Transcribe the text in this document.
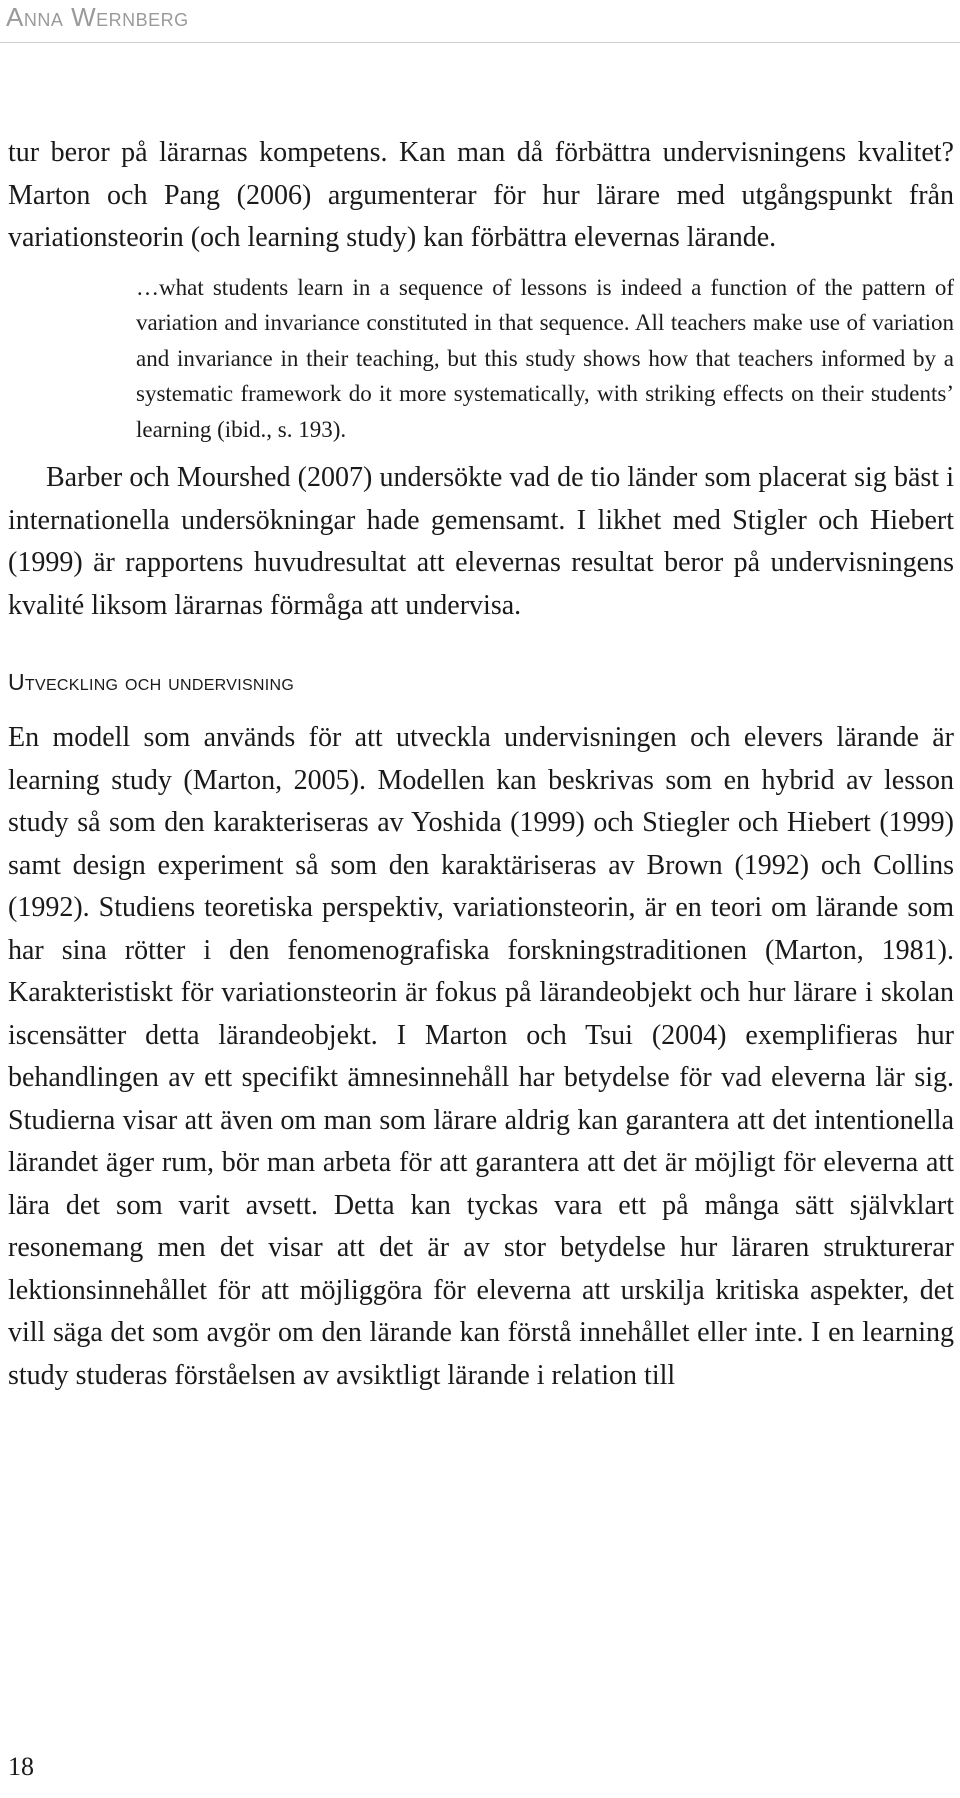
Anna Wernberg

tur beror på lärarnas kompetens. Kan man då förbättra undervisningens kvalitet? Marton och Pang (2006) argumenterar för hur lärare med utgångspunkt från variationsteorin (och learning study) kan förbättra elevernas lärande.

…what students learn in a sequence of lessons is indeed a function of the pattern of variation and invariance constituted in that sequence. All teachers make use of variation and invariance in their teaching, but this study shows how that teachers informed by a systematic framework do it more systematically, with striking effects on their students’ learning (ibid., s. 193).

Barber och Mourshed (2007) undersökte vad de tio länder som placerat sig bäst i internationella undersökningar hade gemensamt. I likhet med Stigler och Hiebert (1999) är rapportens huvudresultat att elevernas resultat beror på undervisningens kvalité liksom lärarnas förmåga att undervisa.

Utveckling och undervisning

En modell som används för att utveckla undervisningen och elevers lärande är learning study (Marton, 2005). Modellen kan beskrivas som en hybrid av lesson study så som den karakteriseras av Yoshida (1999) och Stiegler och Hiebert (1999) samt design experiment så som den karaktäriseras av Brown (1992) och Collins (1992). Studiens teoretiska perspektiv, variationsteorin, är en teori om lärande som har sina rötter i den fenomenografiska forskningstraditionen (Marton, 1981). Karakteristiskt för variationsteorin är fokus på lärandeobjekt och hur lärare i skolan iscensätter detta lärandeobjekt. I Marton och Tsui (2004) exemplifieras hur behandlingen av ett specifikt ämnesinnehåll har betydelse för vad eleverna lär sig. Studierna visar att även om man som lärare aldrig kan garantera att det intentionella lärandet äger rum, bör man arbeta för att garantera att det är möjligt för eleverna att lära det som varit avsett. Detta kan tyckas vara ett på många sätt självklart resonemang men det visar att det är av stor betydelse hur läraren strukturerar lektionsinnehållet för att möjliggöra för eleverna att urskilja kritiska aspekter, det vill säga det som avgör om den lärande kan förstå innehållet eller inte. I en learning study studeras förståelsen av avsiktligt lärande i relation till

18
